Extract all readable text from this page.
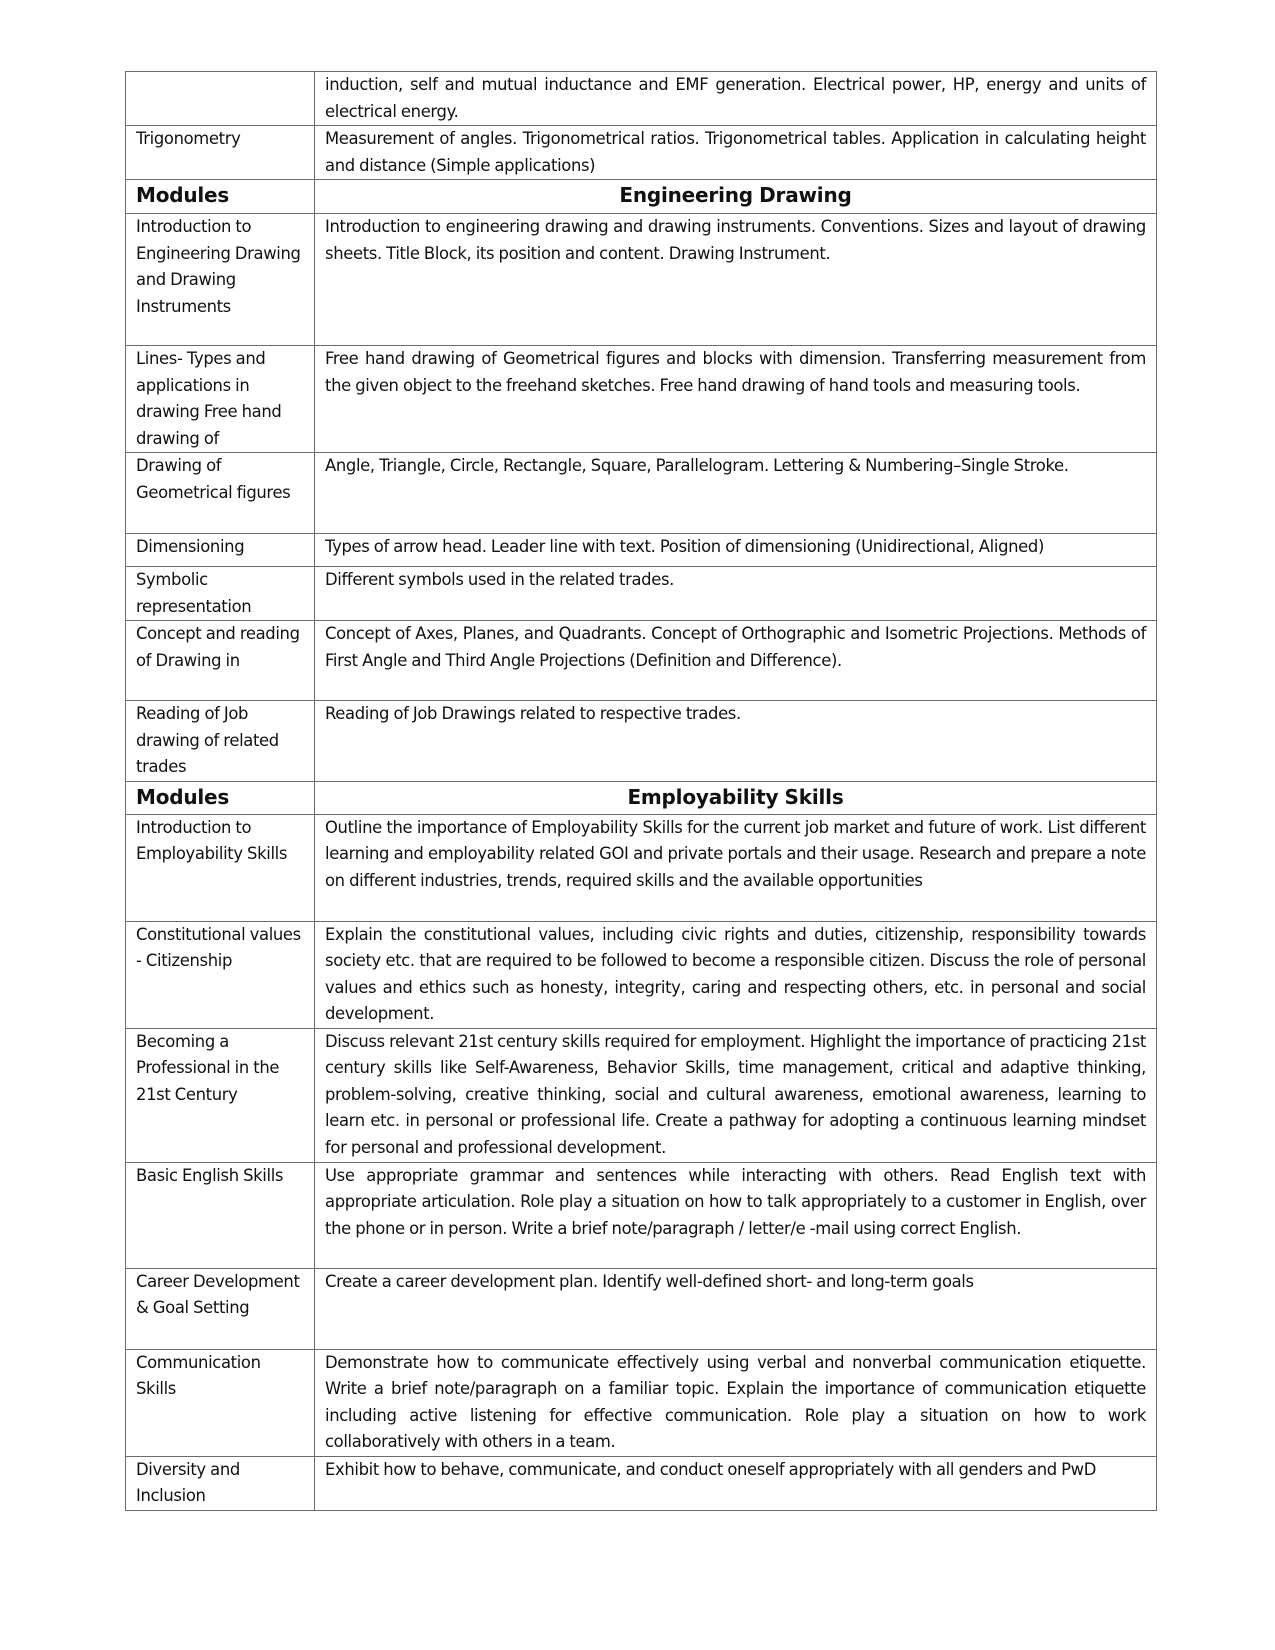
	induction, self and mutual inductance and EMF generation. Electrical power, HP, energy and units of electrical energy.
Trigonometry	Measurement of angles. Trigonometrical ratios. Trigonometrical tables. Application in calculating height and distance (Simple applications)
Modules	Engineering Drawing
Introduction to Engineering Drawing and Drawing Instruments	Introduction to engineering drawing and drawing instruments. Conventions. Sizes and layout of drawing sheets. Title Block, its position and content. Drawing Instrument.
Lines- Types and applications in drawing Free hand drawing of	Free hand drawing of Geometrical figures and blocks with dimension. Transferring measurement from the given object to the freehand sketches. Free hand drawing of hand tools and measuring tools.
Drawing of Geometrical figures	Angle, Triangle, Circle, Rectangle, Square, Parallelogram. Lettering & Numbering–Single Stroke.
Dimensioning	Types of arrow head. Leader line with text. Position of dimensioning (Unidirectional, Aligned)
Symbolic representation	Different symbols used in the related trades.
Concept and reading of Drawing in	Concept of Axes, Planes, and Quadrants. Concept of Orthographic and Isometric Projections. Methods of First Angle and Third Angle Projections (Definition and Difference).
Reading of Job drawing of related trades	Reading of Job Drawings related to respective trades.
Modules	Employability Skills
Introduction to Employability Skills	Outline the importance of Employability Skills for the current job market and future of work. List different learning and employability related GOI and private portals and their usage. Research and prepare a note on different industries, trends, required skills and the available opportunities
Constitutional values - Citizenship	Explain the constitutional values, including civic rights and duties, citizenship, responsibility towards society etc. that are required to be followed to become a responsible citizen. Discuss the role of personal values and ethics such as honesty, integrity, caring and respecting others, etc. in personal and social development.
Becoming a Professional in the 21st Century	Discuss relevant 21st century skills required for employment. Highlight the importance of practicing 21st century skills like Self-Awareness, Behavior Skills, time management, critical and adaptive thinking, problem-solving, creative thinking, social and cultural awareness, emotional awareness, learning to learn etc. in personal or professional life. Create a pathway for adopting a continuous learning mindset for personal and professional development.
Basic English Skills	Use appropriate grammar and sentences while interacting with others. Read English text with appropriate articulation. Role play a situation on how to talk appropriately to a customer in English, over the phone or in person. Write a brief note/paragraph / letter/e -mail using correct English.
Career Development & Goal Setting	Create a career development plan. Identify well-defined short- and long-term goals
Communication Skills	Demonstrate how to communicate effectively using verbal and nonverbal communication etiquette. Write a brief note/paragraph on a familiar topic. Explain the importance of communication etiquette including active listening for effective communication. Role play a situation on how to work collaboratively with others in a team.
Diversity and Inclusion	Exhibit how to behave, communicate, and conduct oneself appropriately with all genders and PwD
